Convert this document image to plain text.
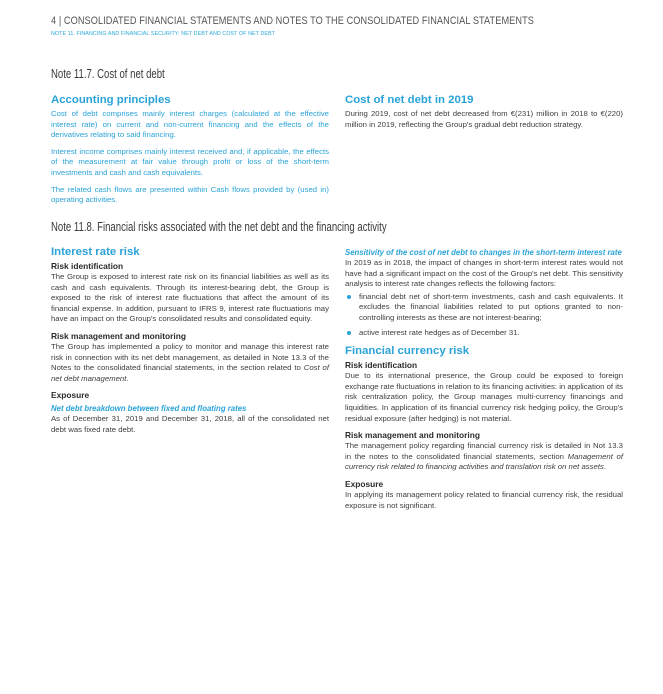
4 | CONSOLIDATED FINANCIAL STATEMENTS AND NOTES TO THE CONSOLIDATED FINANCIAL STATEMENTS
NOTE 11. FINANCING AND FINANCIAL SECURITY: NET DEBT AND COST OF NET DEBT
Note 11.7. Cost of net debt
Accounting principles

Cost of debt comprises mainly interest charges (calculated at the effective interest rate) on current and non-current financing and the effects of the derivatives relating to said financing.

Interest income comprises mainly interest received and, if applicable, the effects of the measurement at fair value through profit or loss of the short-term investments and cash and cash equivalents.

The related cash flows are presented within Cash flows provided by (used in) operating activities.

Cost of net debt in 2019

During 2019, cost of net debt decreased from €(231) million in 2018 to €(220) million in 2019, reflecting the Group's gradual debt reduction strategy.

Note 11.8. Financial risks associated with the net debt and the financing activity
Interest rate risk
Risk identification

The Group is exposed to interest rate risk on its financial liabilities as well as its cash and cash equivalents. Through its interest-bearing debt, the Group is exposed to the risk of interest rate fluctuations that affect the amount of its financial expense. In addition, pursuant to IFRS 9, interest rate fluctuations may have an impact on the Group's consolidated results and consolidated equity.

Risk management and monitoring

The Group has implemented a policy to monitor and manage this interest rate risk in connection with its net debt management, as detailed in Note 13.3 of the Notes to the consolidated financial statements, in the section related to Cost of net debt management.

Exposure
Net debt breakdown between fixed and floating rates

As of December 31, 2019 and December 31, 2018, all of the consolidated net debt was fixed rate debt.

Sensitivity of the cost of net debt to changes in the short-term interest rate

In 2019 as in 2018, the impact of changes in short-term interest rates would not have had a significant impact on the cost of the Group's net debt. This sensitivity analysis to interest rate changes reflects the following factors:

financial debt net of short-term investments, cash and cash equivalents. It excludes the financial liabilities related to put options granted to non-controlling interests as these are not interest-bearing;
active interest rate hedges as of December 31.
Financial currency risk
Risk identification

Due to its international presence, the Group could be exposed to foreign exchange rate fluctuations in relation to its financing activities: in application of its risk centralization policy, the Group manages multi-currency financings and liquidities. In application of its financial currency risk hedging policy, the Group's residual exposure (after hedging) is not material.

Risk management and monitoring

The management policy regarding financial currency risk is detailed in Not 13.3 in the notes to the consolidated financial statements, section Management of currency risk related to financing activities and translation risk on net assets.

Exposure

In applying its management policy related to financial currency risk, the residual exposure is not significant.
